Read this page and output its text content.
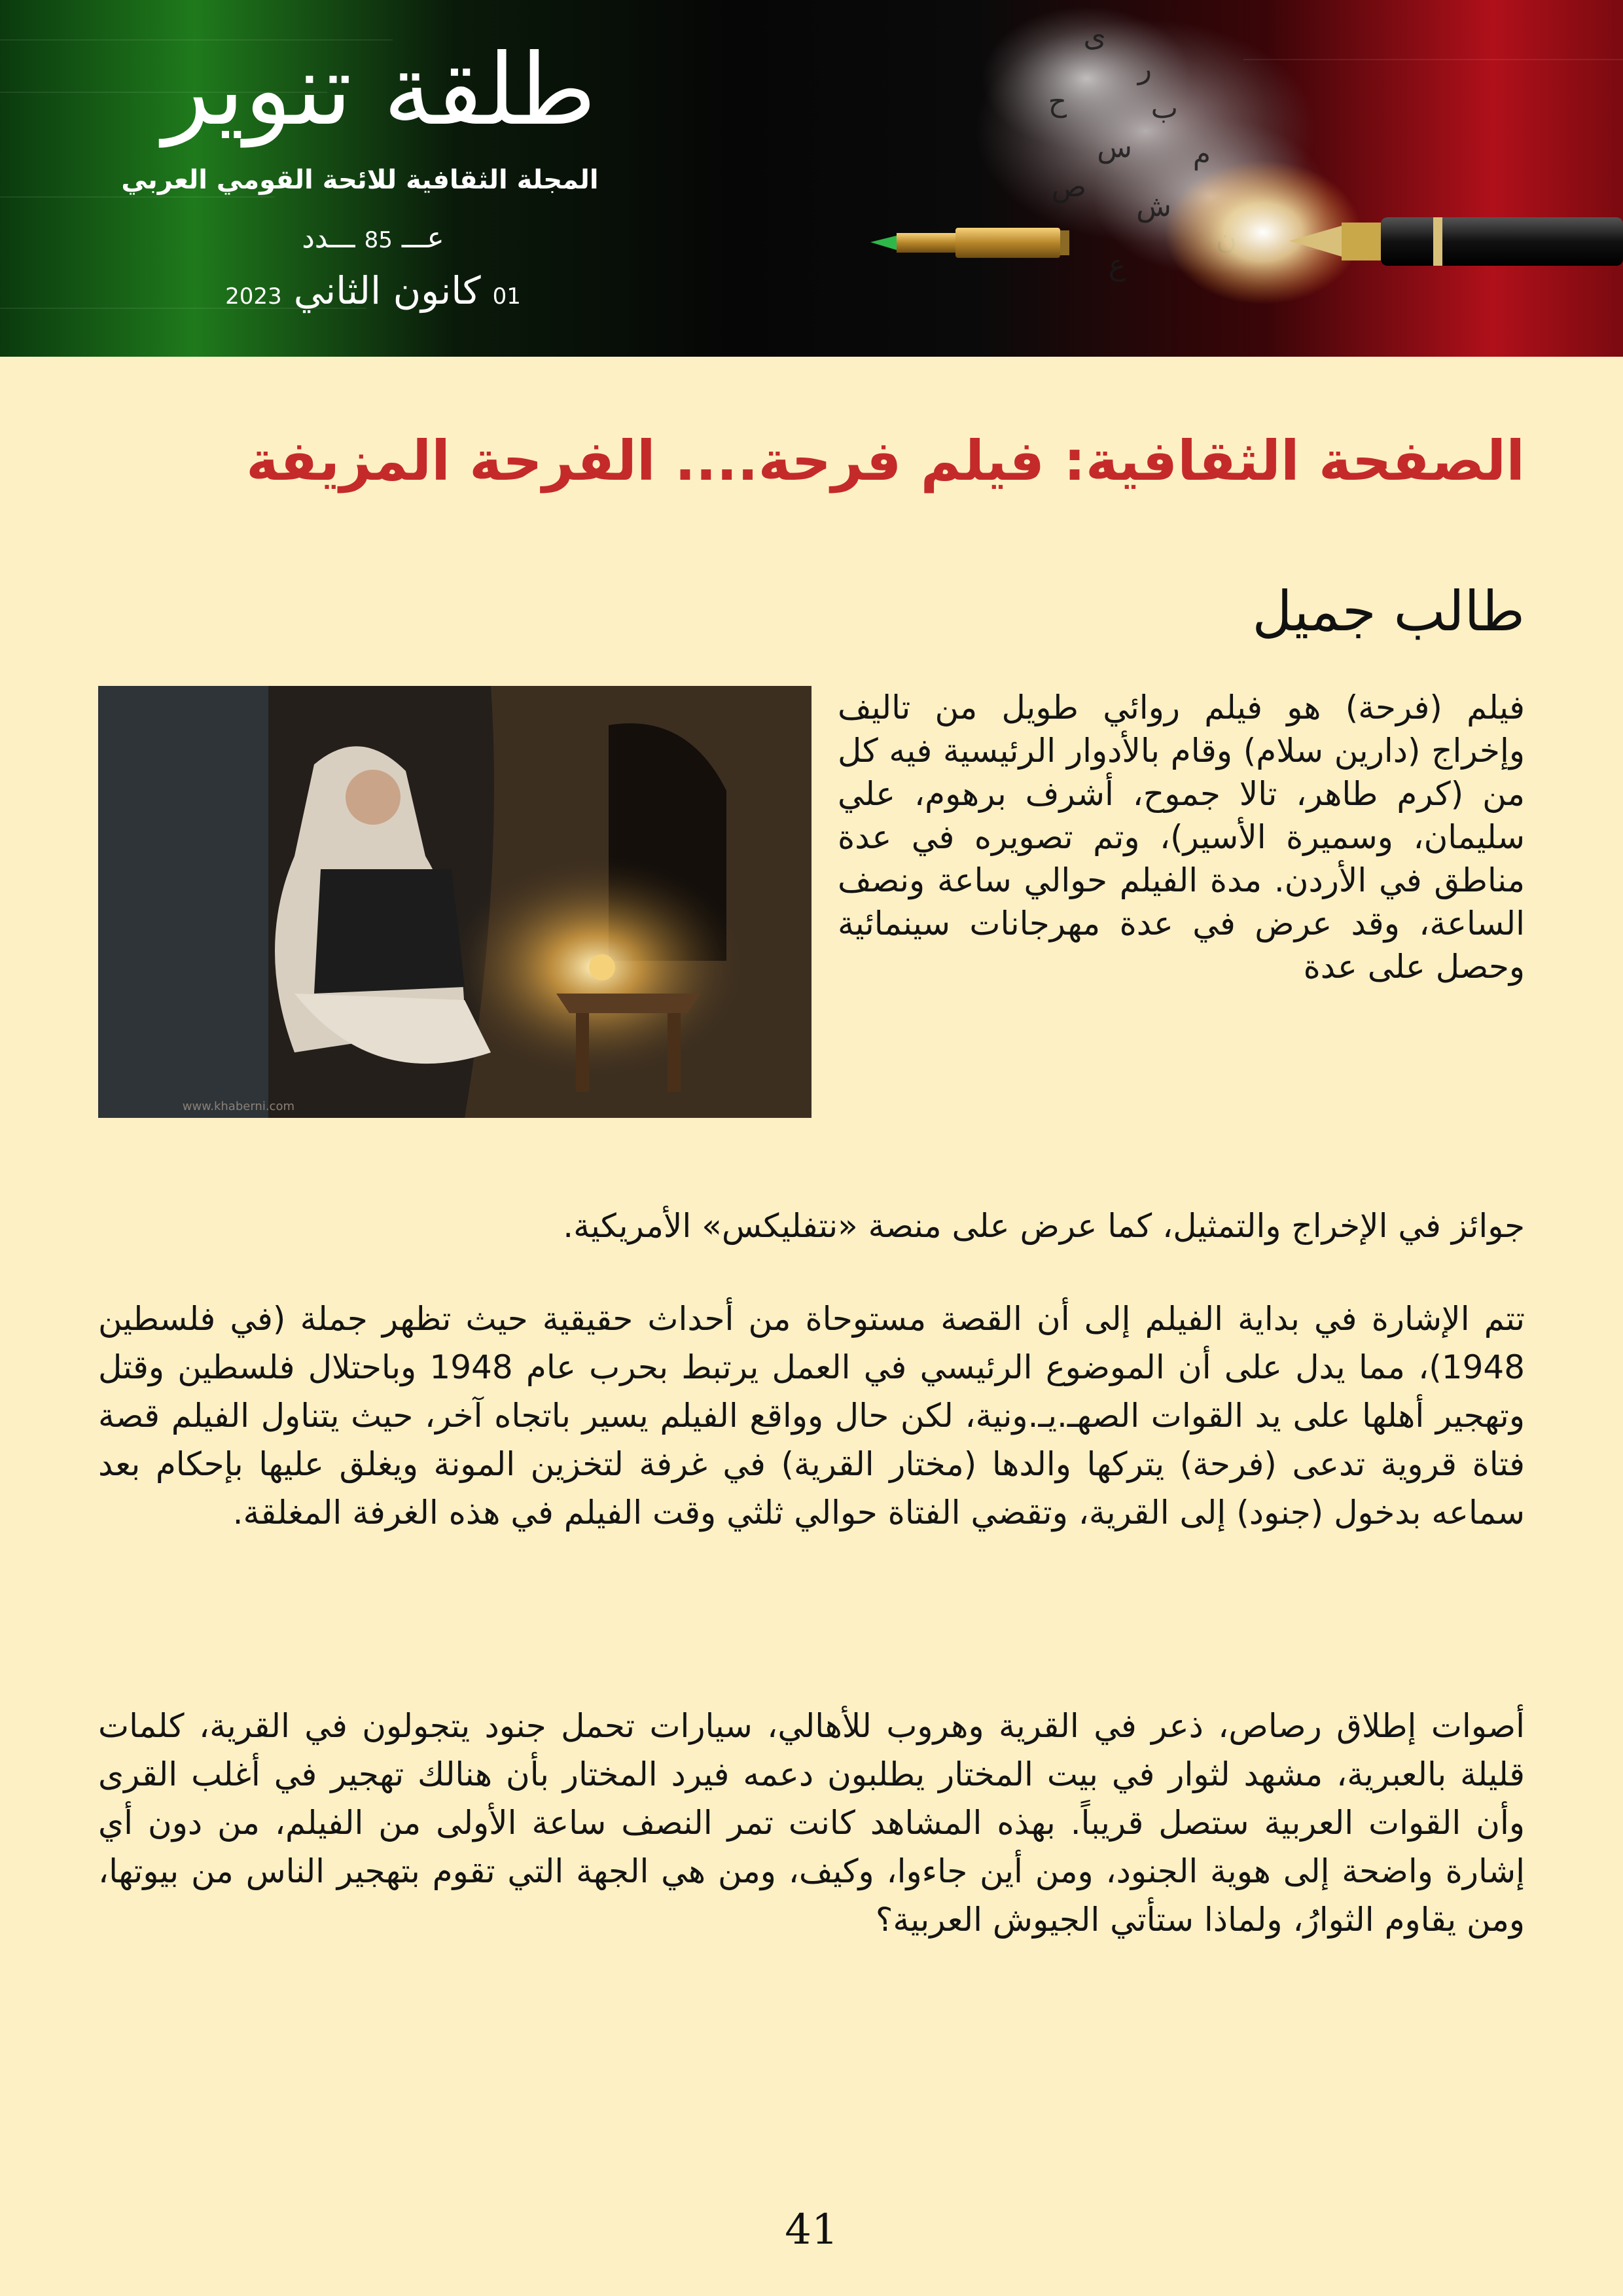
طلقة تنوير
المجلة الثقافية للائحة القومي العربي
عـــ85ـــدد
01كانون الثاني2023
ى
ر
ح	ب
س م
ص
ش
ع
الصفحة الثقافية: فيلم فرحة.... الفرحة المزيفة
طالب جميل
www.khaberni.com

فيلم (فرحة) هو فيلم روائي طويل من تاليف وإخراج (دارين سلام) وقام بالأدوار الرئيسية فيه كل من (كرم طاهر، تالا جموح، أشرف برهوم، علي سليمان، وسميرة الأسير)، وتم تصويره في عدة مناطق في الأردن. مدة الفيلم حوالي ساعة ونصف الساعة، وقد عرض في عدة مهرجانات سينمائية وحصل على عدة

جوائز في الإخراج والتمثيل، كما عرض على منصة «نتفليكس» الأمريكية.

تتم الإشارة في بداية الفيلم إلى أن القصة مستوحاة من أحداث حقيقية حيث تظهر جملة (في فلسطين 1948)، مما يدل على أن الموضوع الرئيسي في العمل يرتبط بحرب عام 1948 وباحتلال فلسطين وقتل وتهجير أهلها على يد القوات الصهـ.يـ.ونية، لكن حال وواقع الفيلم يسير باتجاه آخر، حيث يتناول الفيلم قصة فتاة قروية تدعى (فرحة) يتركها والدها (مختار القرية) في غرفة لتخزين المونة ويغلق عليها بإحكام بعد سماعه بدخول (جنود) إلى القرية، وتقضي الفتاة حوالي ثلثي وقت الفيلم في هذه الغرفة المغلقة.

أصوات إطلاق رصاص، ذعر في القرية وهروب للأهالي، سيارات تحمل جنود يتجولون في القرية، كلمات قليلة بالعبرية، مشهد لثوار في بيت المختار يطلبون دعمه فيرد المختار بأن هنالك تهجير في أغلب القرى وأن القوات العربية ستصل قريباً. بهذه المشاهد كانت تمر النصف ساعة الأولى من الفيلم، من دون أي إشارة واضحة إلى هوية الجنود، ومن أين جاءوا، وكيف، ومن هي الجهة التي تقوم بتهجير الناس من بيوتها، ومن يقاوم الثوارُ، ولماذا ستأتي الجيوش العربية؟

41
